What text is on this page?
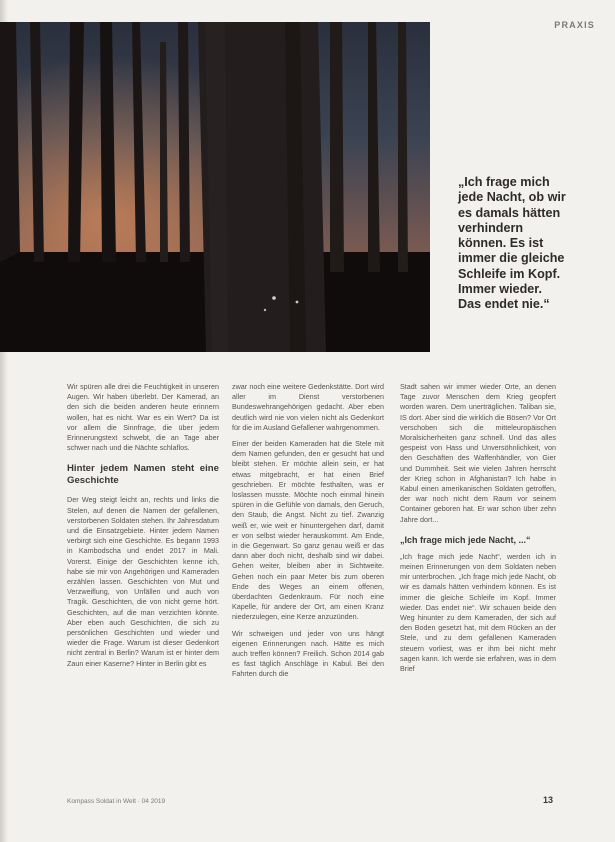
PRAXIS
„Ich frage mich
jede Nacht, ob wir
es damals hätten
verhindern
können. Es ist
immer die gleiche
Schleife im Kopf.
Immer wieder.
Das endet nie.“

Wir spüren alle drei die Feuchtigkeit in unseren Augen. Wir haben überlebt. Der Kamerad, an den sich die beiden anderen heute erinnern wollen, hat es nicht. War es ein Wert? Da ist vor allem die Sinnfrage, die über jedem Erinnerungstext schwebt, die an Tage aber schwer nach und die Nächte schlaflos.

Hinter jedem Namen steht eine Geschichte

Der Weg steigt leicht an, rechts und links die Stelen, auf denen die Namen der gefallenen, verstorbenen Soldaten stehen. Ihr Jahresdatum und die Einsatzgebiete. Hinter jedem Namen verbirgt sich eine Geschichte. Es begann 1993 in Kambodscha und endet 2017 in Mali. Vorerst. Einige der Geschichten kenne ich, habe sie mir von Angehörigen und Kameraden erzählen lassen. Geschichten von Mut und Verzweiflung, von Unfällen und auch von Tragik. Geschichten, die von nicht gerne hört. Geschichten, auf die man verzichten könnte. Aber eben auch Geschichten, die sich zu persönlichen Geschichten und wieder und wieder die Frage. Warum ist dieser Gedenkort nicht zentral in Berlin? Warum ist er hinter dem Zaun einer Kaserne? Hinter in Berlin gibt es

zwar noch eine weitere Gedenkstätte. Dort wird aller im Dienst verstorbenen Bundeswehrangehörigen gedacht. Aber eben deutlich wird nie von vielen nicht als Gedenkort für die im Ausland Gefallener wahrgenommen.

Einer der beiden Kameraden hat die Stele mit dem Namen gefunden, den er gesucht hat und bleibt stehen. Er möchte allein sein, er hat etwas mitgebracht, er hat einen Brief geschrieben. Er möchte festhalten, was er loslassen musste. Möchte noch einmal hinein spüren in die Gefühle von damals, den Geruch, den Staub, die Angst. Nicht zu tief. Zwanzig weiß er, wie weit er hinuntergehen darf, damit er von selbst wieder herauskommt. Am Ende, in die Gegenwart. So ganz genau weiß er das dann aber doch nicht, deshalb sind wir dabei. Gehen weiter, bleiben aber in Sichtweite. Gehen noch ein paar Meter bis zum oberen Ende des Weges an einem offenen, überdachten Gedenkraum. Für noch eine Kapelle, für andere der Ort, am einen Kranz niederzulegen, eine Kerze anzuzünden.

Wir schweigen und jeder von uns hängt eigenen Erinnerungen nach. Hätte es mich auch treffen können? Freilich. Schon 2014 gab es fast täglich Anschläge in Kabul. Bei den Fahrten durch die

Stadt sahen wir immer wieder Orte, an denen Tage zuvor Menschen dem Krieg geopfert worden waren. Dem unerträglichen. Taliban sie, IS dort. Aber sind die wirklich die Bösen? Vor Ort verschoben sich die mitteleuropäischen Moralsicherheiten ganz schnell. Und das alles gespeist von Hass und Unversöhnlichkeit, von den Geschäften des Waffenhändler, von Gier und Dummheit. Seit wie vielen Jahren herrscht der Krieg schon in Afghanistan? Ich habe in Kabul einen amerikanischen Soldaten getroffen, der war noch nicht dem Raum vor seinem Container geboren hat. Er war schon über zehn Jahre dort...

„Ich frage mich jede Nacht, ...“

„Ich frage mich jede Nacht“, werden ich in meinen Erinnerungen von dem Soldaten neben mir unterbrochen. „Ich frage mich jede Nacht, ob wir es damals hätten verhindern können. Es ist immer die gleiche Schleife im Kopf. Immer wieder. Das endet nie“. Wir schauen beide den Weg hinunter zu dem Kameraden, der sich auf den Boden gesetzt hat, mit dem Rücken an der Stele, und zu dem gefallenen Kameraden steuern vorliest, was er ihm bei nicht mehr sagen kann. Ich werde sie erfahren, was in dem Brief

Kompass Soldat in Welt · 04 2019	13
